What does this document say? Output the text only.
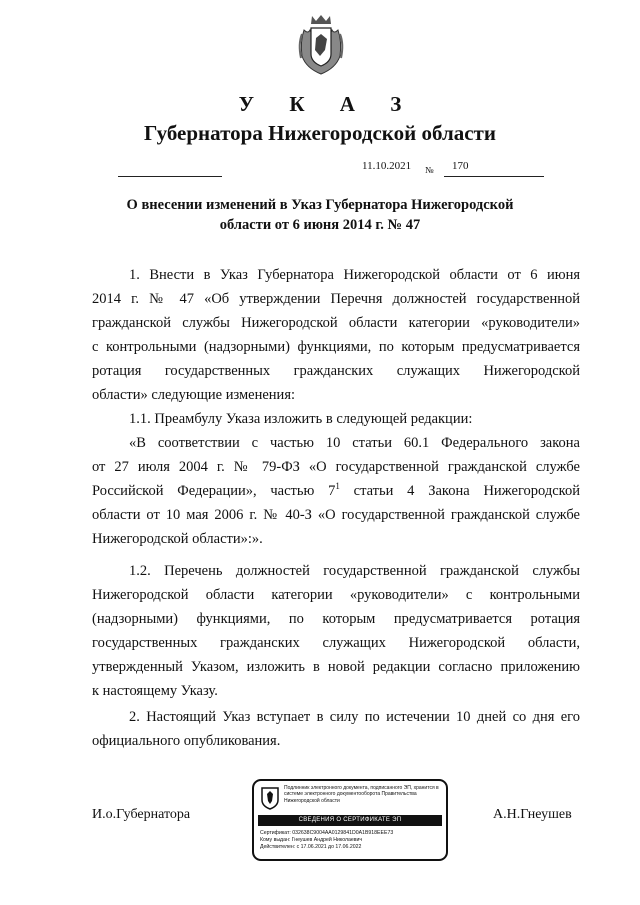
У К А З
Губернатора Нижегородской области
11.10.2021 № 170
О внесении изменений в Указ Губернатора Нижегородской
области от 6 июня 2014 г. № 47
1. Внести в Указ Губернатора Нижегородской области от 6 июня
2014 г. № 47 «Об утверждении Перечня должностей государственной
гражданской службы Нижегородской области категории «руководители»
с контрольными (надзорными) функциями, по которым предусматривается
ротация государственных гражданских служащих Нижегородской
области» следующие изменения:
1.1. Преамбулу Указа изложить в следующей редакции:
«В соответствии с частью 10 статьи 60.1 Федерального закона
от 27 июля 2004 г. № 79-ФЗ «О государственной гражданской службе
Российской Федерации», частью $7^1$ статьи 4 Закона Нижегородской
области от 10 мая 2006 г. № 40-З «О государственной гражданской службе
Нижегородской области»:».
1.2. Перечень должностей государственной гражданской службы
Нижегородской области категории «руководители» с контрольными
(надзорными) функциями, по которым предусматривается ротация
государственных гражданских служащих Нижегородской области,
утвержденный Указом, изложить в новой редакции согласно приложению
к настоящему Указу.
2. Настоящий Указ вступает в силу по истечении 10 дней со дня его
официального опубликования.
И.о.Губернатора	А.Н.Гнеушев
Подлинник электронного документа, подписанного ЭП, хранится в системе электронного документооборота Правительства Нижегородской области
СВЕДЕНИЯ О СЕРТИФИКАТЕ ЭП
Сертификат: 032638C9004AA0129841D0A1B918EEE73
Кому выдан: Гнеушев Андрей Николаевич
Действителен: с 17.06.2021 до 17.06.2022
